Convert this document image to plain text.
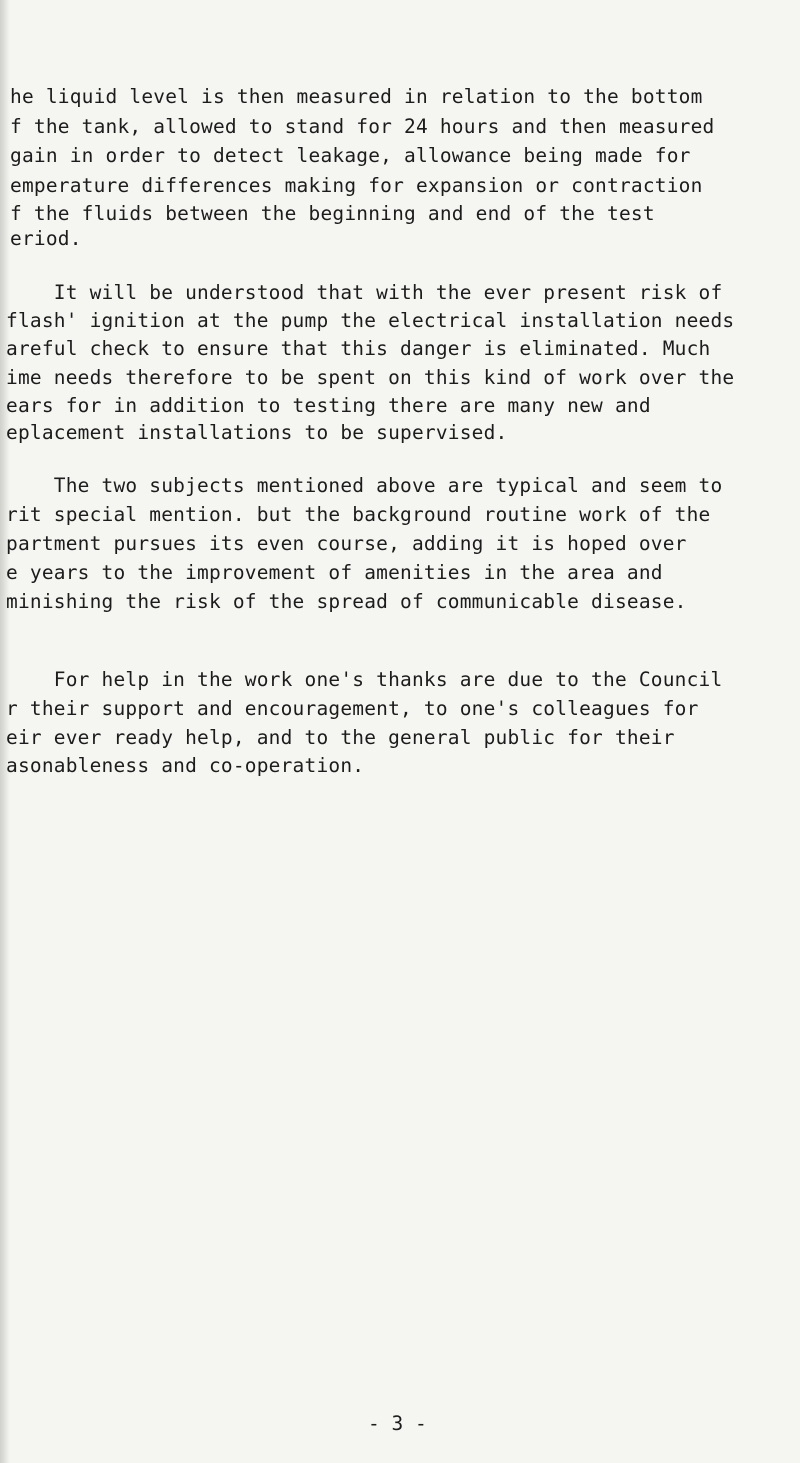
he liquid level is then measured in relation to the bottom
f the tank, allowed to stand for 24 hours and then measured
gain in order to detect leakage, allowance being made for
emperature differences making for expansion or contraction
f the fluids between the beginning and end of the test
eriod.
It will be understood that with the ever present risk of
flash' ignition at the pump the electrical installation needs
areful check to ensure that this danger is eliminated. Much
ime needs therefore to be spent on this kind of work over the
ears for in addition to testing there are many new and
eplacement installations to be supervised.
The two subjects mentioned above are typical and seem to
rit special mention. but the background routine work of the
partment pursues its even course, adding it is hoped over
e years to the improvement of amenities in the area and
minishing the risk of the spread of communicable disease.
For help in the work one's thanks are due to the Council
r their support and encouragement, to one's colleagues for
eir ever ready help, and to the general public for their
asonableness and co-operation.
- 3 -
